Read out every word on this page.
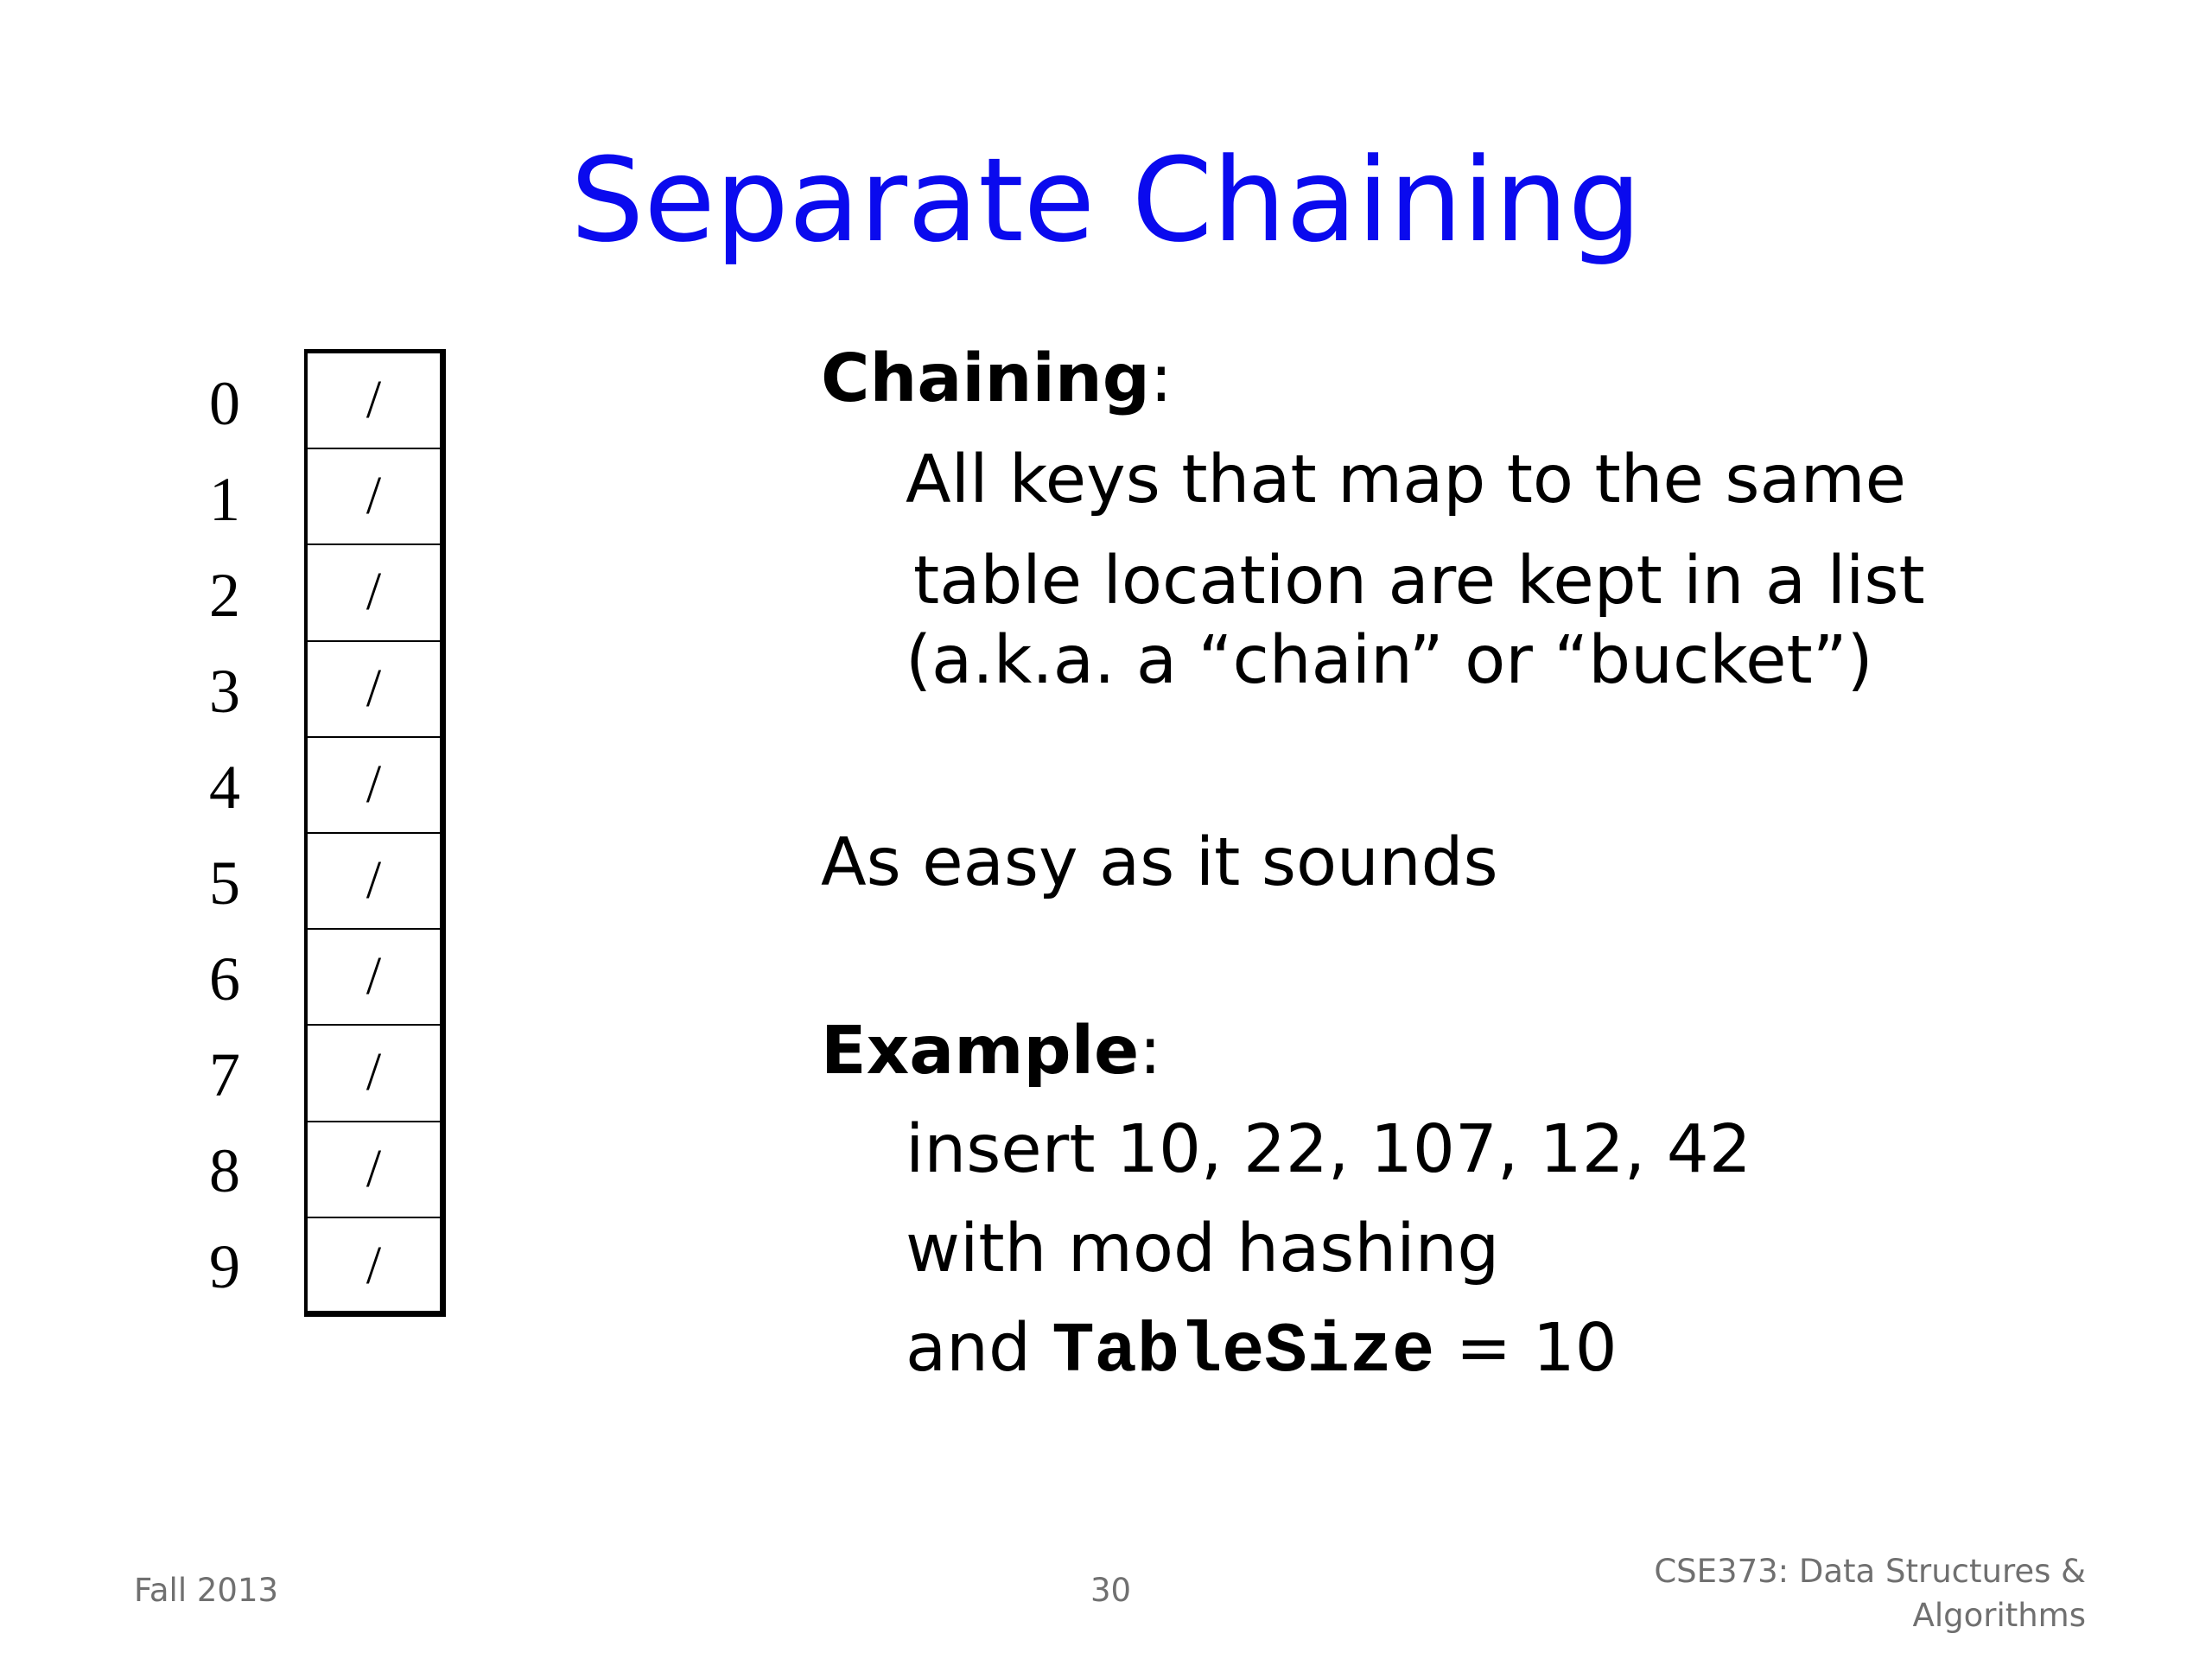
Separate Chaining
0
1
2
3
4
5
6
7
8
9
/
/
/
/
/
/
/
/
/
/
Chaining:
All keys that map to the same
table location are kept in a list
(a.k.a. a “chain” or “bucket”)
As easy as it sounds
Example:
insert 10, 22, 107, 12, 42
with mod hashing
and TableSize = 10
Fall 2013	30
CSE373: Data Structures &
Algorithms
